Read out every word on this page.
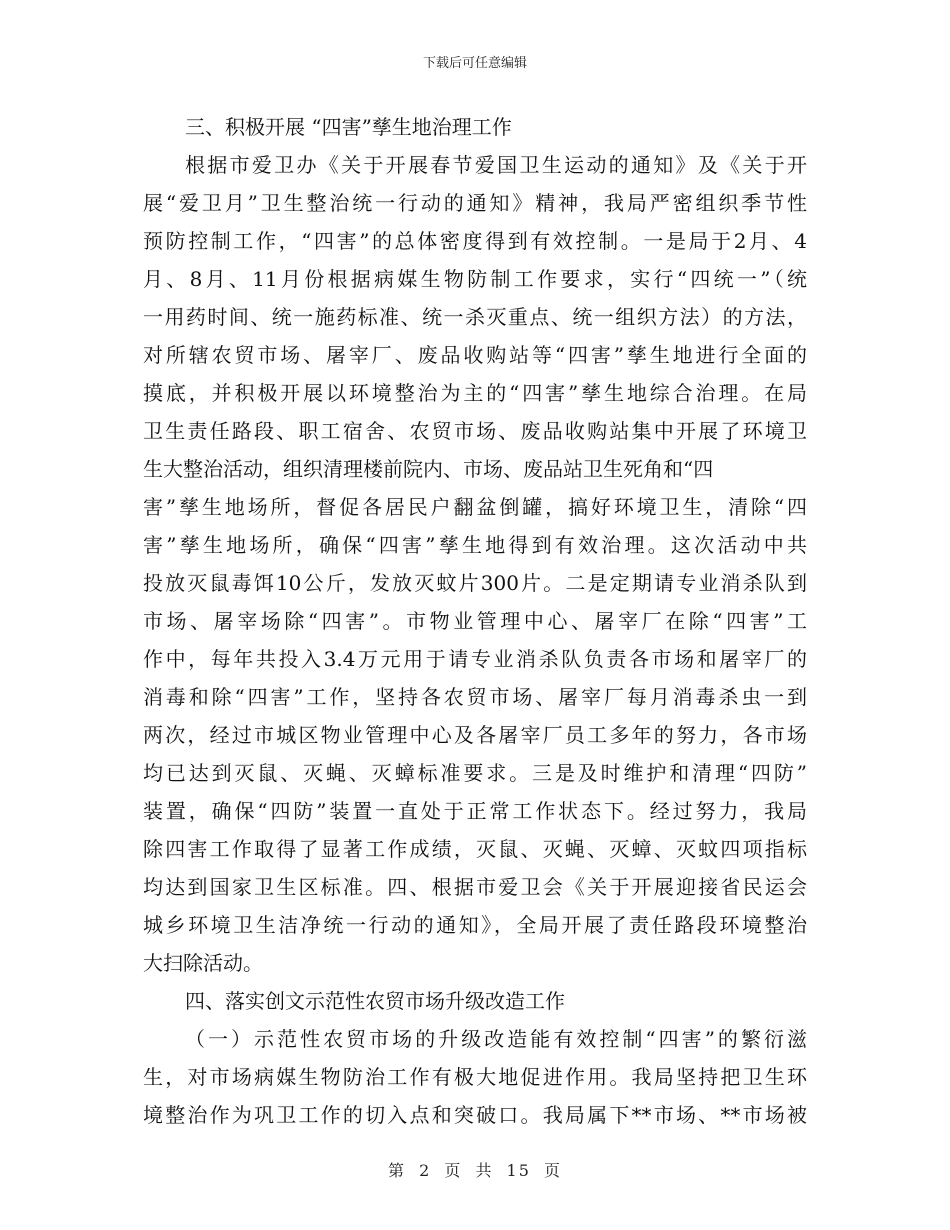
下载后可任意编辑
三、积极开展 “四害”孳生地治理工作
根据市爱卫办《关于开展春节爱国卫生运动的通知》及《关于开
展“爱卫月”卫生整治统一行动的通知》精神，我局严密组织季节性
预防控制工作，“四害”的总体密度得到有效控制。一是局于2月、4
月、8月、11月份根据病媒生物防制工作要求，实行“四统一”（统
一用药时间、统一施药标准、统一杀灭重点、统一组织方法）的方法，
对所辖农贸市场、屠宰厂、废品收购站等“四害”孳生地进行全面的
摸底，并积极开展以环境整治为主的“四害”孳生地综合治理。在局
卫生责任路段、职工宿舍、农贸市场、废品收购站集中开展了环境卫
生大整治活动，组织清理楼前院内、市场、废品站卫生死角和“四
害”孳生地场所，督促各居民户翻盆倒罐，搞好环境卫生，清除“四
害”孳生地场所，确保“四害”孳生地得到有效治理。这次活动中共
投放灭鼠毒饵10公斤，发放灭蚊片300片。二是定期请专业消杀队到
市场、屠宰场除“四害”。市物业管理中心、屠宰厂在除“四害”工
作中，每年共投入3.4万元用于请专业消杀队负责各市场和屠宰厂的
消毒和除“四害”工作，坚持各农贸市场、屠宰厂每月消毒杀虫一到
两次，经过市城区物业管理中心及各屠宰厂员工多年的努力，各市场
均已达到灭鼠、灭蝇、灭蟑标准要求。三是及时维护和清理“四防”
装置，确保“四防”装置一直处于正常工作状态下。经过努力，我局
除四害工作取得了显著工作成绩，灭鼠、灭蝇、灭蟑、灭蚊四项指标
均达到国家卫生区标准。四、根据市爱卫会《关于开展迎接省民运会
城乡环境卫生洁净统一行动的通知》，全局开展了责任路段环境整治
大扫除活动。
四、落实创文示范性农贸市场升级改造工作
（一）示范性农贸市场的升级改造能有效控制“四害”的繁衍滋
生，对市场病媒生物防治工作有极大地促进作用。我局坚持把卫生环
境整治作为巩卫工作的切入点和突破口。我局属下**市场、**市场被
第 2 页 共 15 页
